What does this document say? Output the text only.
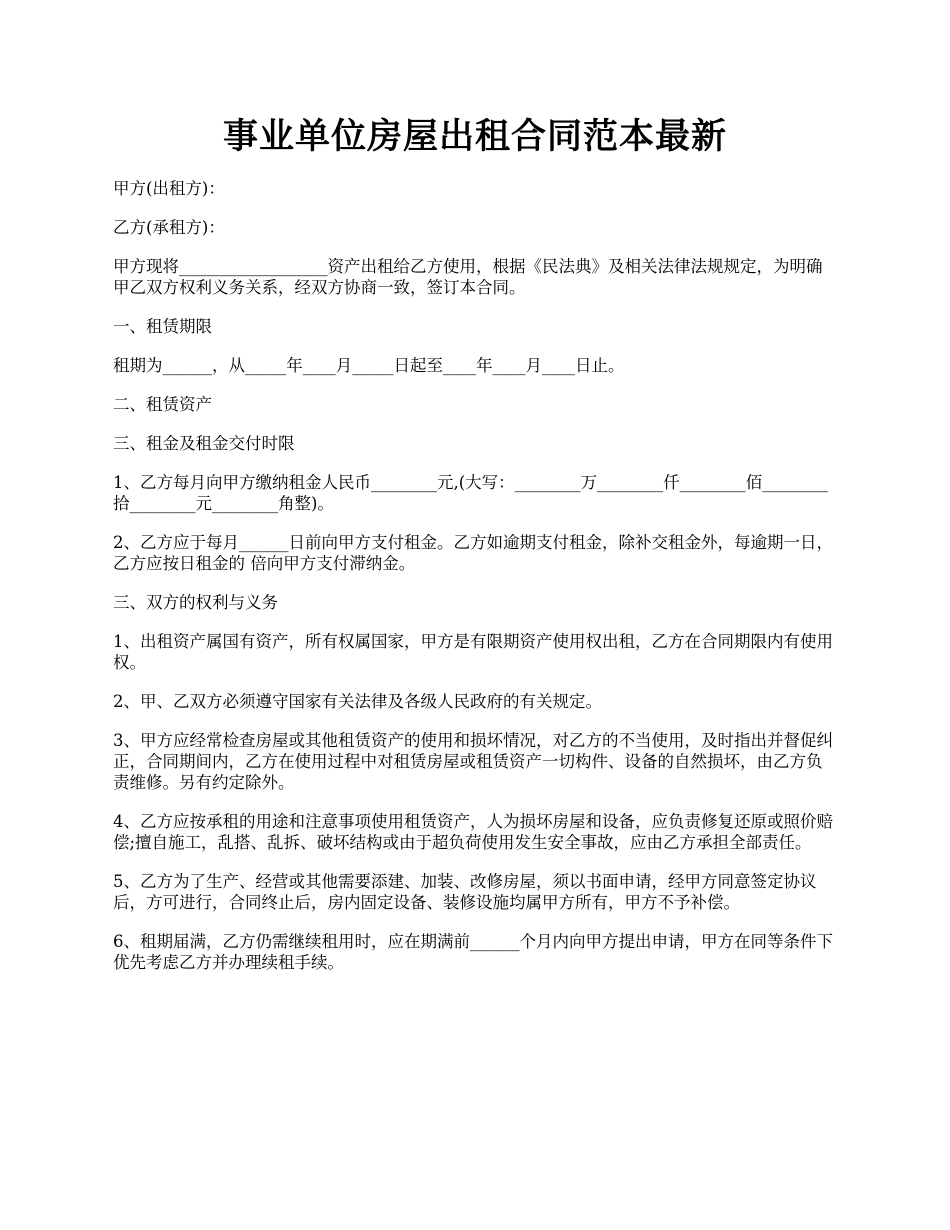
事业单位房屋出租合同范本最新

甲方(出租方)：

乙方(承租方)：

甲方现将__________________资产出租给乙方使用，根据《民法典》及相关法律法规规定，为明确甲乙双方权利义务关系，经双方协商一致，签订本合同。

一、租赁期限

租期为______，从_____年____月_____日起至____年____月____日止。

二、租赁资产

三、租金及租金交付时限

1、乙方每月向甲方缴纳租金人民币________元,(大写：________万________仟________佰________拾________元________角整)。

2、乙方应于每月______日前向甲方支付租金。乙方如逾期支付租金，除补交租金外，每逾期一日，乙方应按日租金的 倍向甲方支付滞纳金。

三、双方的权利与义务

1、出租资产属国有资产，所有权属国家，甲方是有限期资产使用权出租，乙方在合同期限内有使用权。

2、甲、乙双方必须遵守国家有关法律及各级人民政府的有关规定。

3、甲方应经常检查房屋或其他租赁资产的使用和损坏情况，对乙方的不当使用，及时指出并督促纠正，合同期间内，乙方在使用过程中对租赁房屋或租赁资产一切构件、设备的自然损坏，由乙方负责维修。另有约定除外。

4、乙方应按承租的用途和注意事项使用租赁资产，人为损坏房屋和设备，应负责修复还原或照价赔偿;擅自施工，乱搭、乱拆、破坏结构或由于超负荷使用发生安全事故，应由乙方承担全部责任。

5、乙方为了生产、经营或其他需要添建、加装、改修房屋，须以书面申请，经甲方同意签定协议后，方可进行，合同终止后，房内固定设备、装修设施均属甲方所有，甲方不予补偿。

6、租期届满，乙方仍需继续租用时，应在期满前______个月内向甲方提出申请，甲方在同等条件下优先考虑乙方并办理续租手续。
